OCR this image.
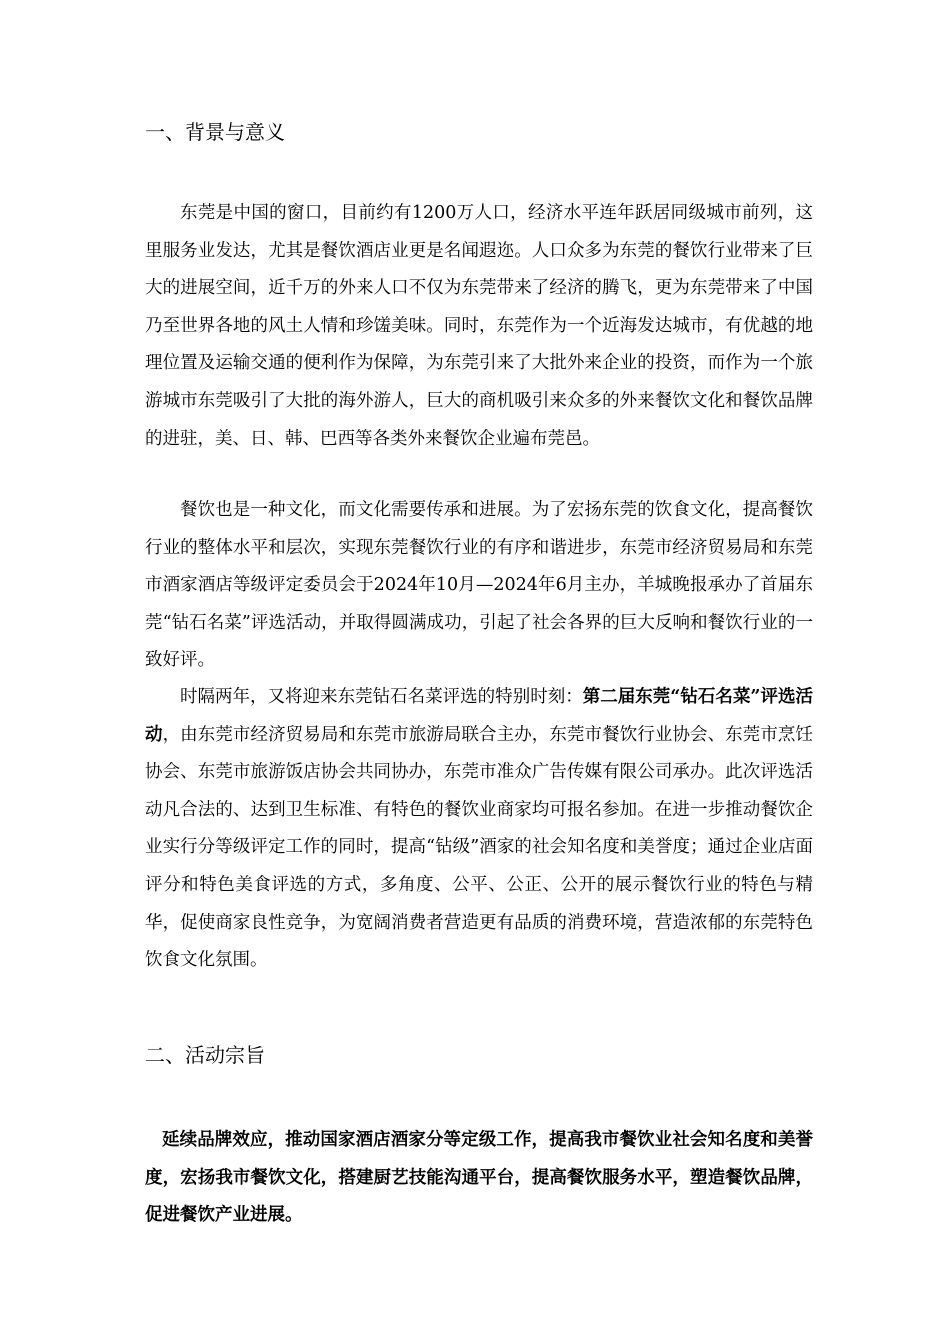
一、背景与意义

东莞是中国的窗口，目前约有1200万人口，经济水平连年跃居同级城市前列，这里服务业发达，尤其是餐饮酒店业更是名闻遐迩。人口众多为东莞的餐饮行业带来了巨大的进展空间，近千万的外来人口不仅为东莞带来了经济的腾飞，更为东莞带来了中国乃至世界各地的风土人情和珍馐美味。同时，东莞作为一个近海发达城市，有优越的地理位置及运输交通的便利作为保障，为东莞引来了大批外来企业的投资，而作为一个旅游城市东莞吸引了大批的海外游人，巨大的商机吸引来众多的外来餐饮文化和餐饮品牌的进驻，美、日、韩、巴西等各类外来餐饮企业遍布莞邑。

餐饮也是一种文化，而文化需要传承和进展。为了宏扬东莞的饮食文化，提高餐饮行业的整体水平和层次，实现东莞餐饮行业的有序和谐进步，东莞市经济贸易局和东莞市酒家酒店等级评定委员会于2024年10月—2024年6月主办，羊城晚报承办了首届东莞“钻石名菜”评选活动，并取得圆满成功，引起了社会各界的巨大反响和餐饮行业的一致好评。

时隔两年，又将迎来东莞钻石名菜评选的特别时刻：第二届东莞“钻石名菜”评选活动，由东莞市经济贸易局和东莞市旅游局联合主办，东莞市餐饮行业协会、东莞市烹饪协会、东莞市旅游饭店协会共同协办，东莞市准众广告传媒有限公司承办。此次评选活动凡合法的、达到卫生标准、有特色的餐饮业商家均可报名参加。在进一步推动餐饮企业实行分等级评定工作的同时，提高“钻级”酒家的社会知名度和美誉度；通过企业店面评分和特色美食评选的方式，多角度、公平、公正、公开的展示餐饮行业的特色与精华，促使商家良性竞争，为宽阔消费者营造更有品质的消费环境，营造浓郁的东莞特色饮食文化氛围。

二、活动宗旨

延续品牌效应，推动国家酒店酒家分等定级工作，提高我市餐饮业社会知名度和美誉度，宏扬我市餐饮文化，搭建厨艺技能沟通平台，提高餐饮服务水平，塑造餐饮品牌，促进餐饮产业进展。
